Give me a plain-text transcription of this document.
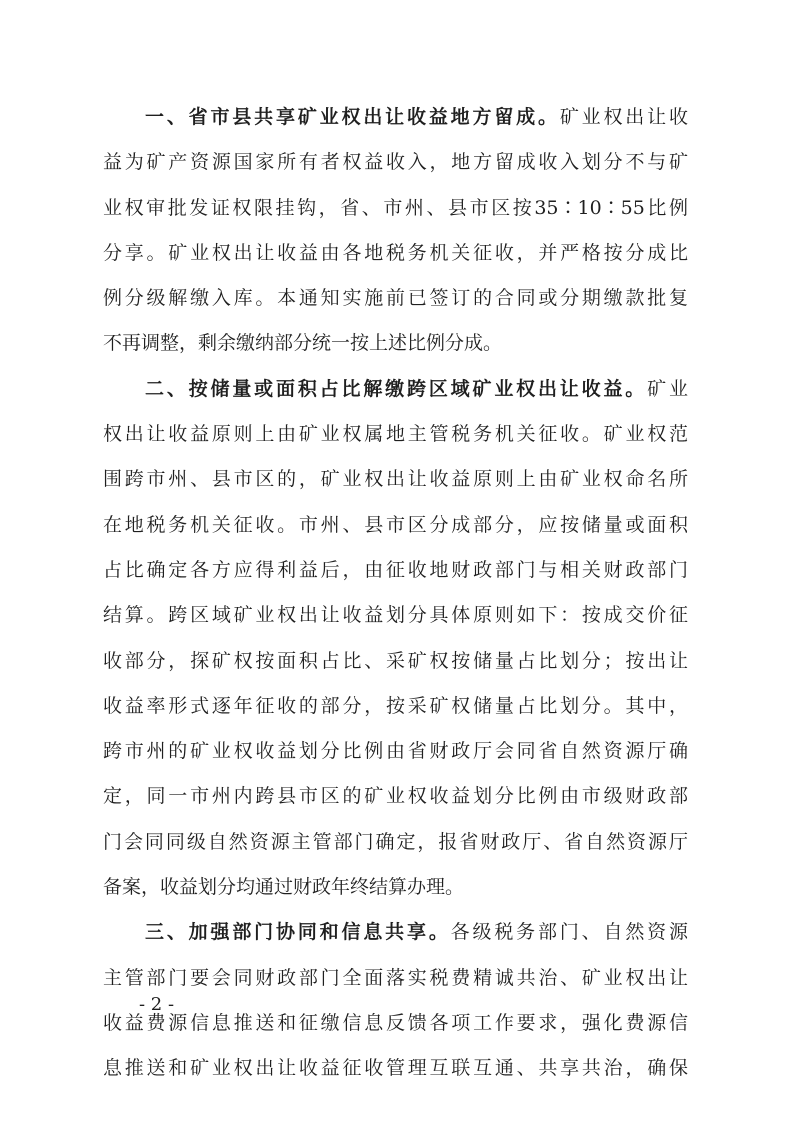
一、省市县共享矿业权出让收益地方留成。矿业权出让收
益为矿产资源国家所有者权益收入，地方留成收入划分不与矿
业权审批发证权限挂钩，省、市州、县市区按35∶10∶55比例
分享。矿业权出让收益由各地税务机关征收，并严格按分成比
例分级解缴入库。本通知实施前已签订的合同或分期缴款批复
不再调整，剩余缴纳部分统一按上述比例分成。
二、按储量或面积占比解缴跨区域矿业权出让收益。矿业
权出让收益原则上由矿业权属地主管税务机关征收。矿业权范
围跨市州、县市区的，矿业权出让收益原则上由矿业权命名所
在地税务机关征收。市州、县市区分成部分，应按储量或面积
占比确定各方应得利益后，由征收地财政部门与相关财政部门
结算。跨区域矿业权出让收益划分具体原则如下：按成交价征
收部分，探矿权按面积占比、采矿权按储量占比划分；按出让
收益率形式逐年征收的部分，按采矿权储量占比划分。其中，
跨市州的矿业权收益划分比例由省财政厅会同省自然资源厅确
定，同一市州内跨县市区的矿业权收益划分比例由市级财政部
门会同同级自然资源主管部门确定，报省财政厅、省自然资源厅
备案，收益划分均通过财政年终结算办理。
三、加强部门协同和信息共享。各级税务部门、自然资源
主管部门要会同财政部门全面落实税费精诚共治、矿业权出让
收益费源信息推送和征缴信息反馈各项工作要求，强化费源信
息推送和矿业权出让收益征收管理互联互通、共享共治，确保
- 2 -
